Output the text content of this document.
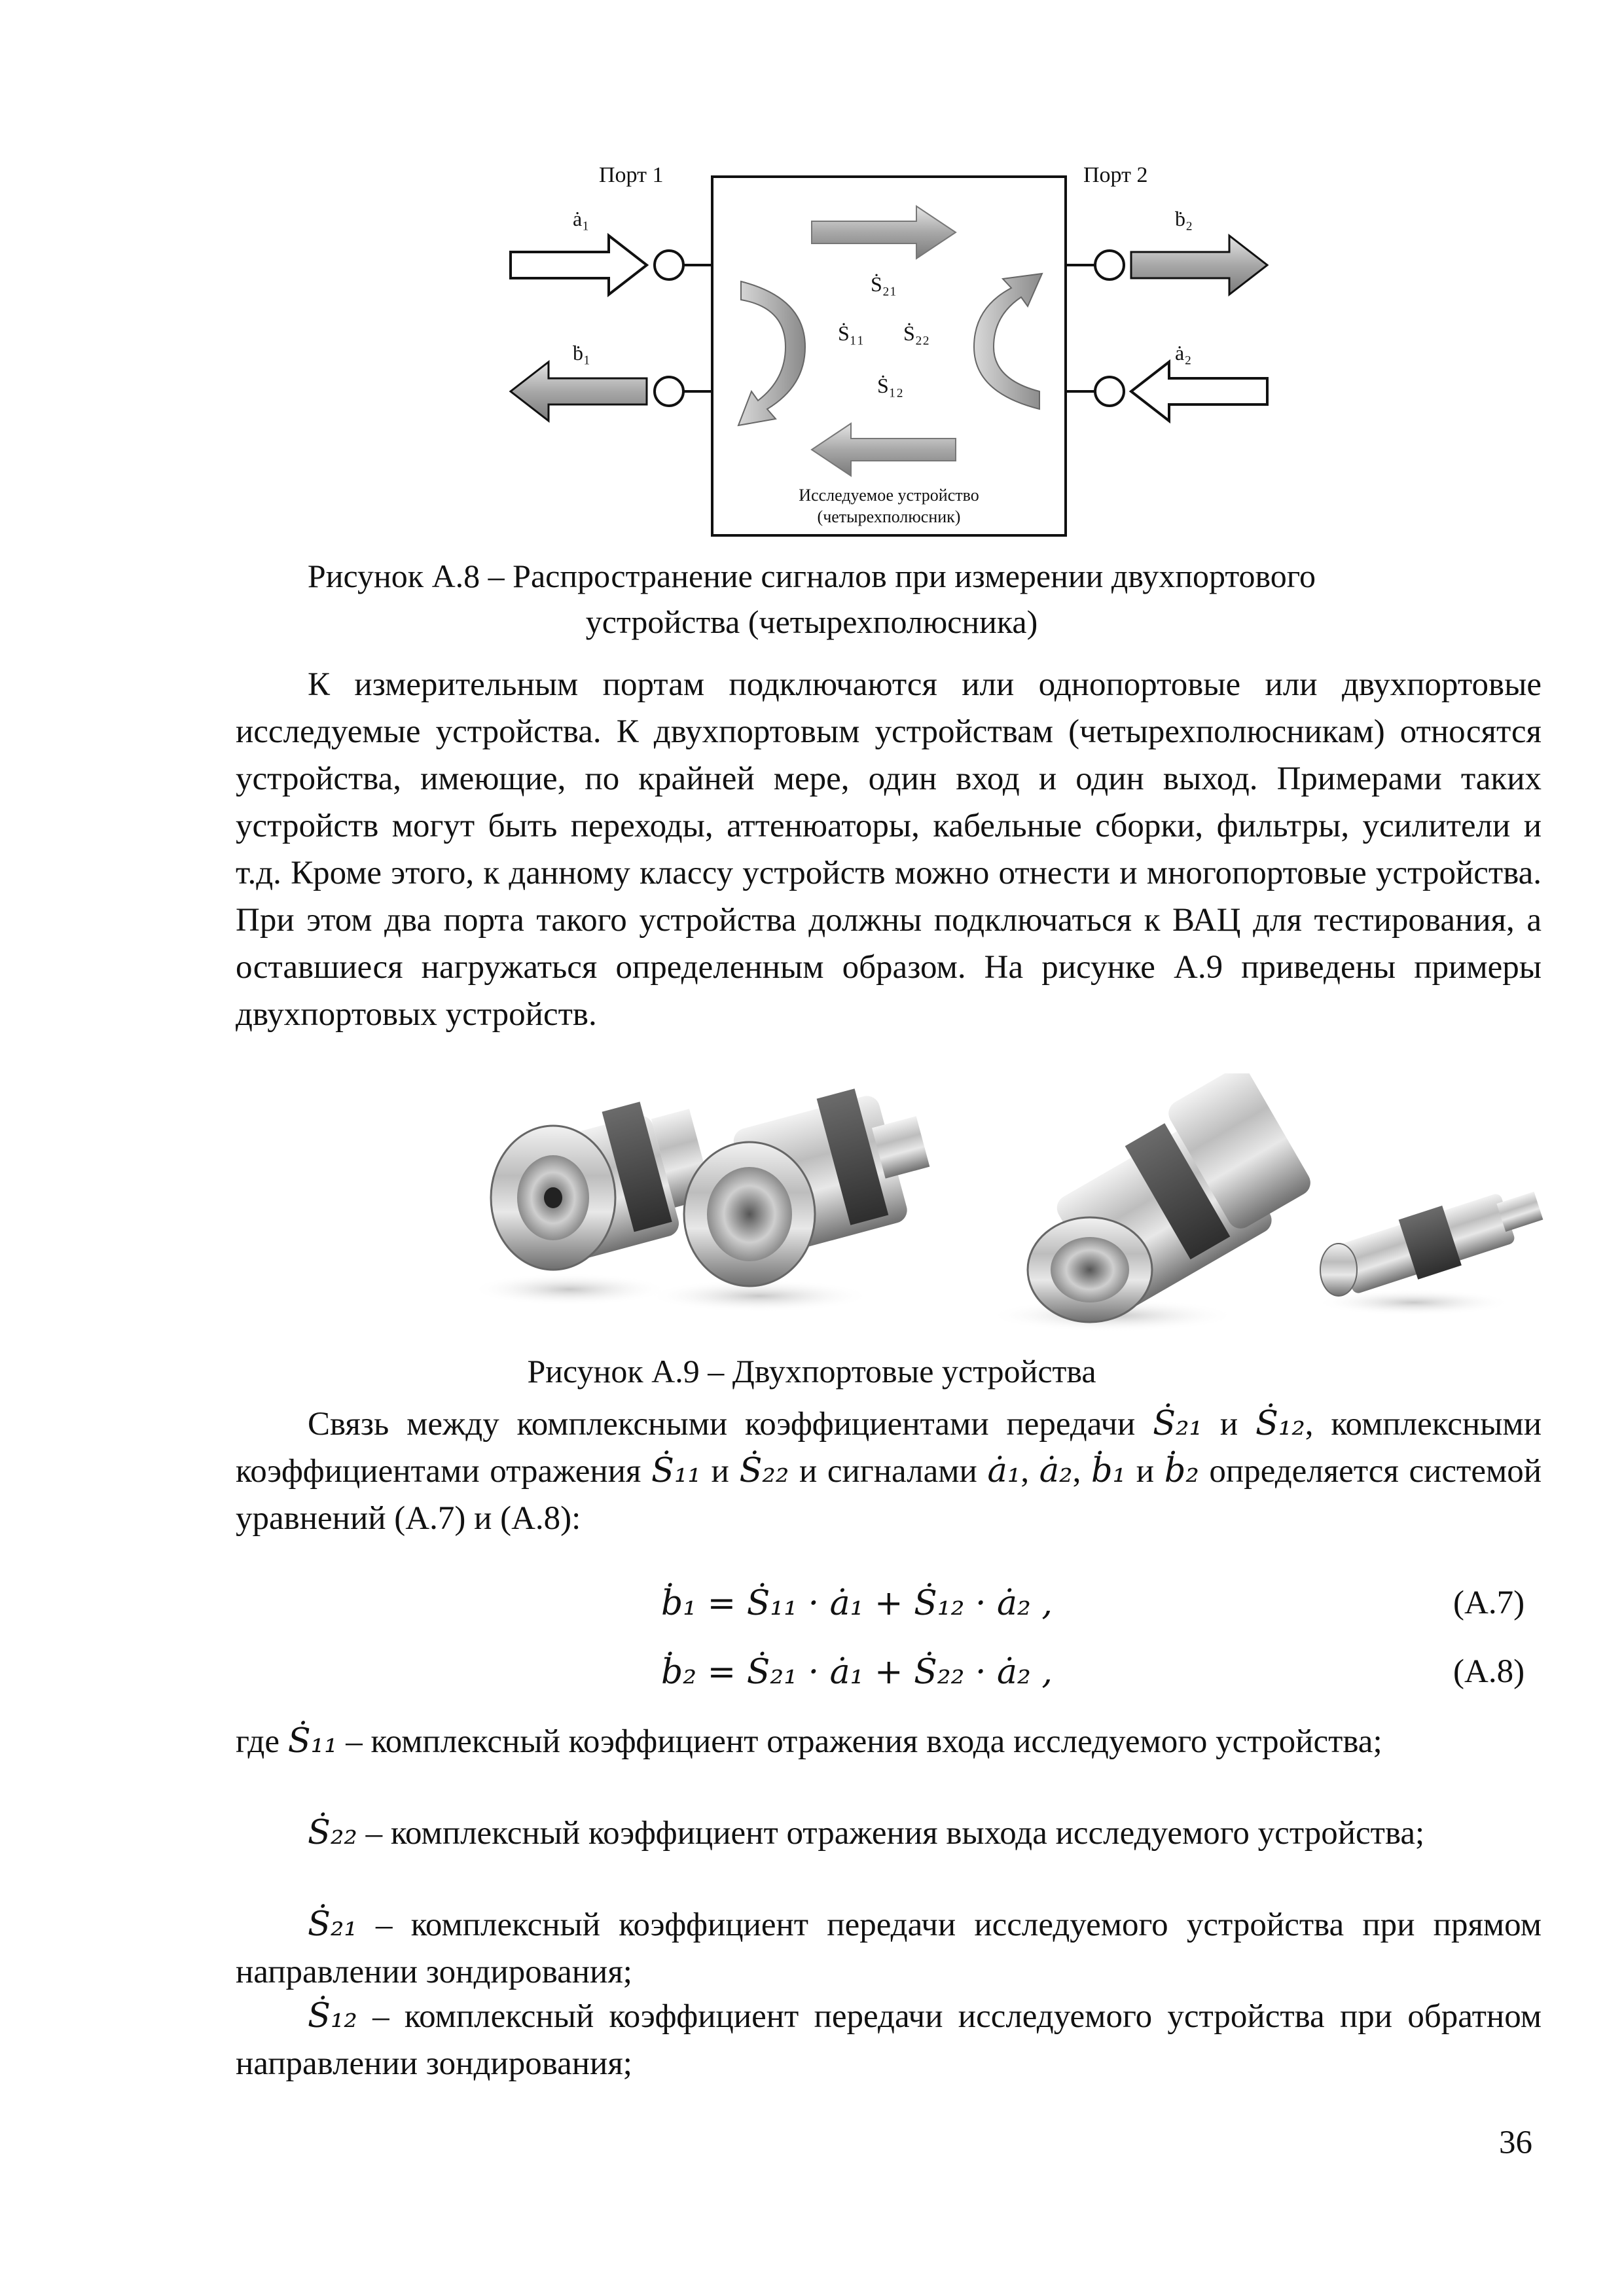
Порт 1	Порт 2
ȧ₁
ḃ₁
ḃ₂
ȧ₂
Ṡ₂₁
Ṡ₁₁ Ṡ₂₂
Ṡ₁₂
Исследуемое устройство
(четырехполюсник)
Рисунок А.8 – Распространение сигналов при измерении двухпортового
устройства (четырехполюсника)

К измерительным портам подключаются или однопортовые или двухпортовые исследуемые устройства. К двухпортовым устройствам (четырехполюсникам) относятся устройства, имеющие, по крайней мере, один вход и один выход. Примерами таких устройств могут быть переходы, аттенюаторы, кабельные сборки, фильтры, усилители и т.д. Кроме этого, к данному классу устройств можно отнести и многопортовые устройства. При этом два порта такого устройства должны подключаться к ВАЦ для тестирования, а оставшиеся нагружаться определенным образом. На рисунке А.9 приведены примеры двухпортовых устройств.

Рисунок А.9 – Двухпортовые устройства

Связь между комплексными коэффициентами передачи Ṡ₂₁ и Ṡ₁₂, комплексными коэффициентами отражения Ṡ₁₁ и Ṡ₂₂ и сигналами ȧ₁, ȧ₂, ḃ₁ и ḃ₂ определяется системой уравнений (А.7) и (А.8):

ḃ₁ = Ṡ₁₁ · ȧ₁ + Ṡ₁₂ · ȧ₂ ,	(А.7)
ḃ₂ = Ṡ₂₁ · ȧ₁ + Ṡ₂₂ · ȧ₂ ,	(А.8)

где Ṡ₁₁ – комплексный коэффициент отражения входа исследуемого устройства;

Ṡ₂₂ – комплексный коэффициент отражения выхода исследуемого устройства;

Ṡ₂₁ – комплексный коэффициент передачи исследуемого устройства при прямом направлении зондирования;

Ṡ₁₂ – комплексный коэффициент передачи исследуемого устройства при обратном направлении зондирования;

36
